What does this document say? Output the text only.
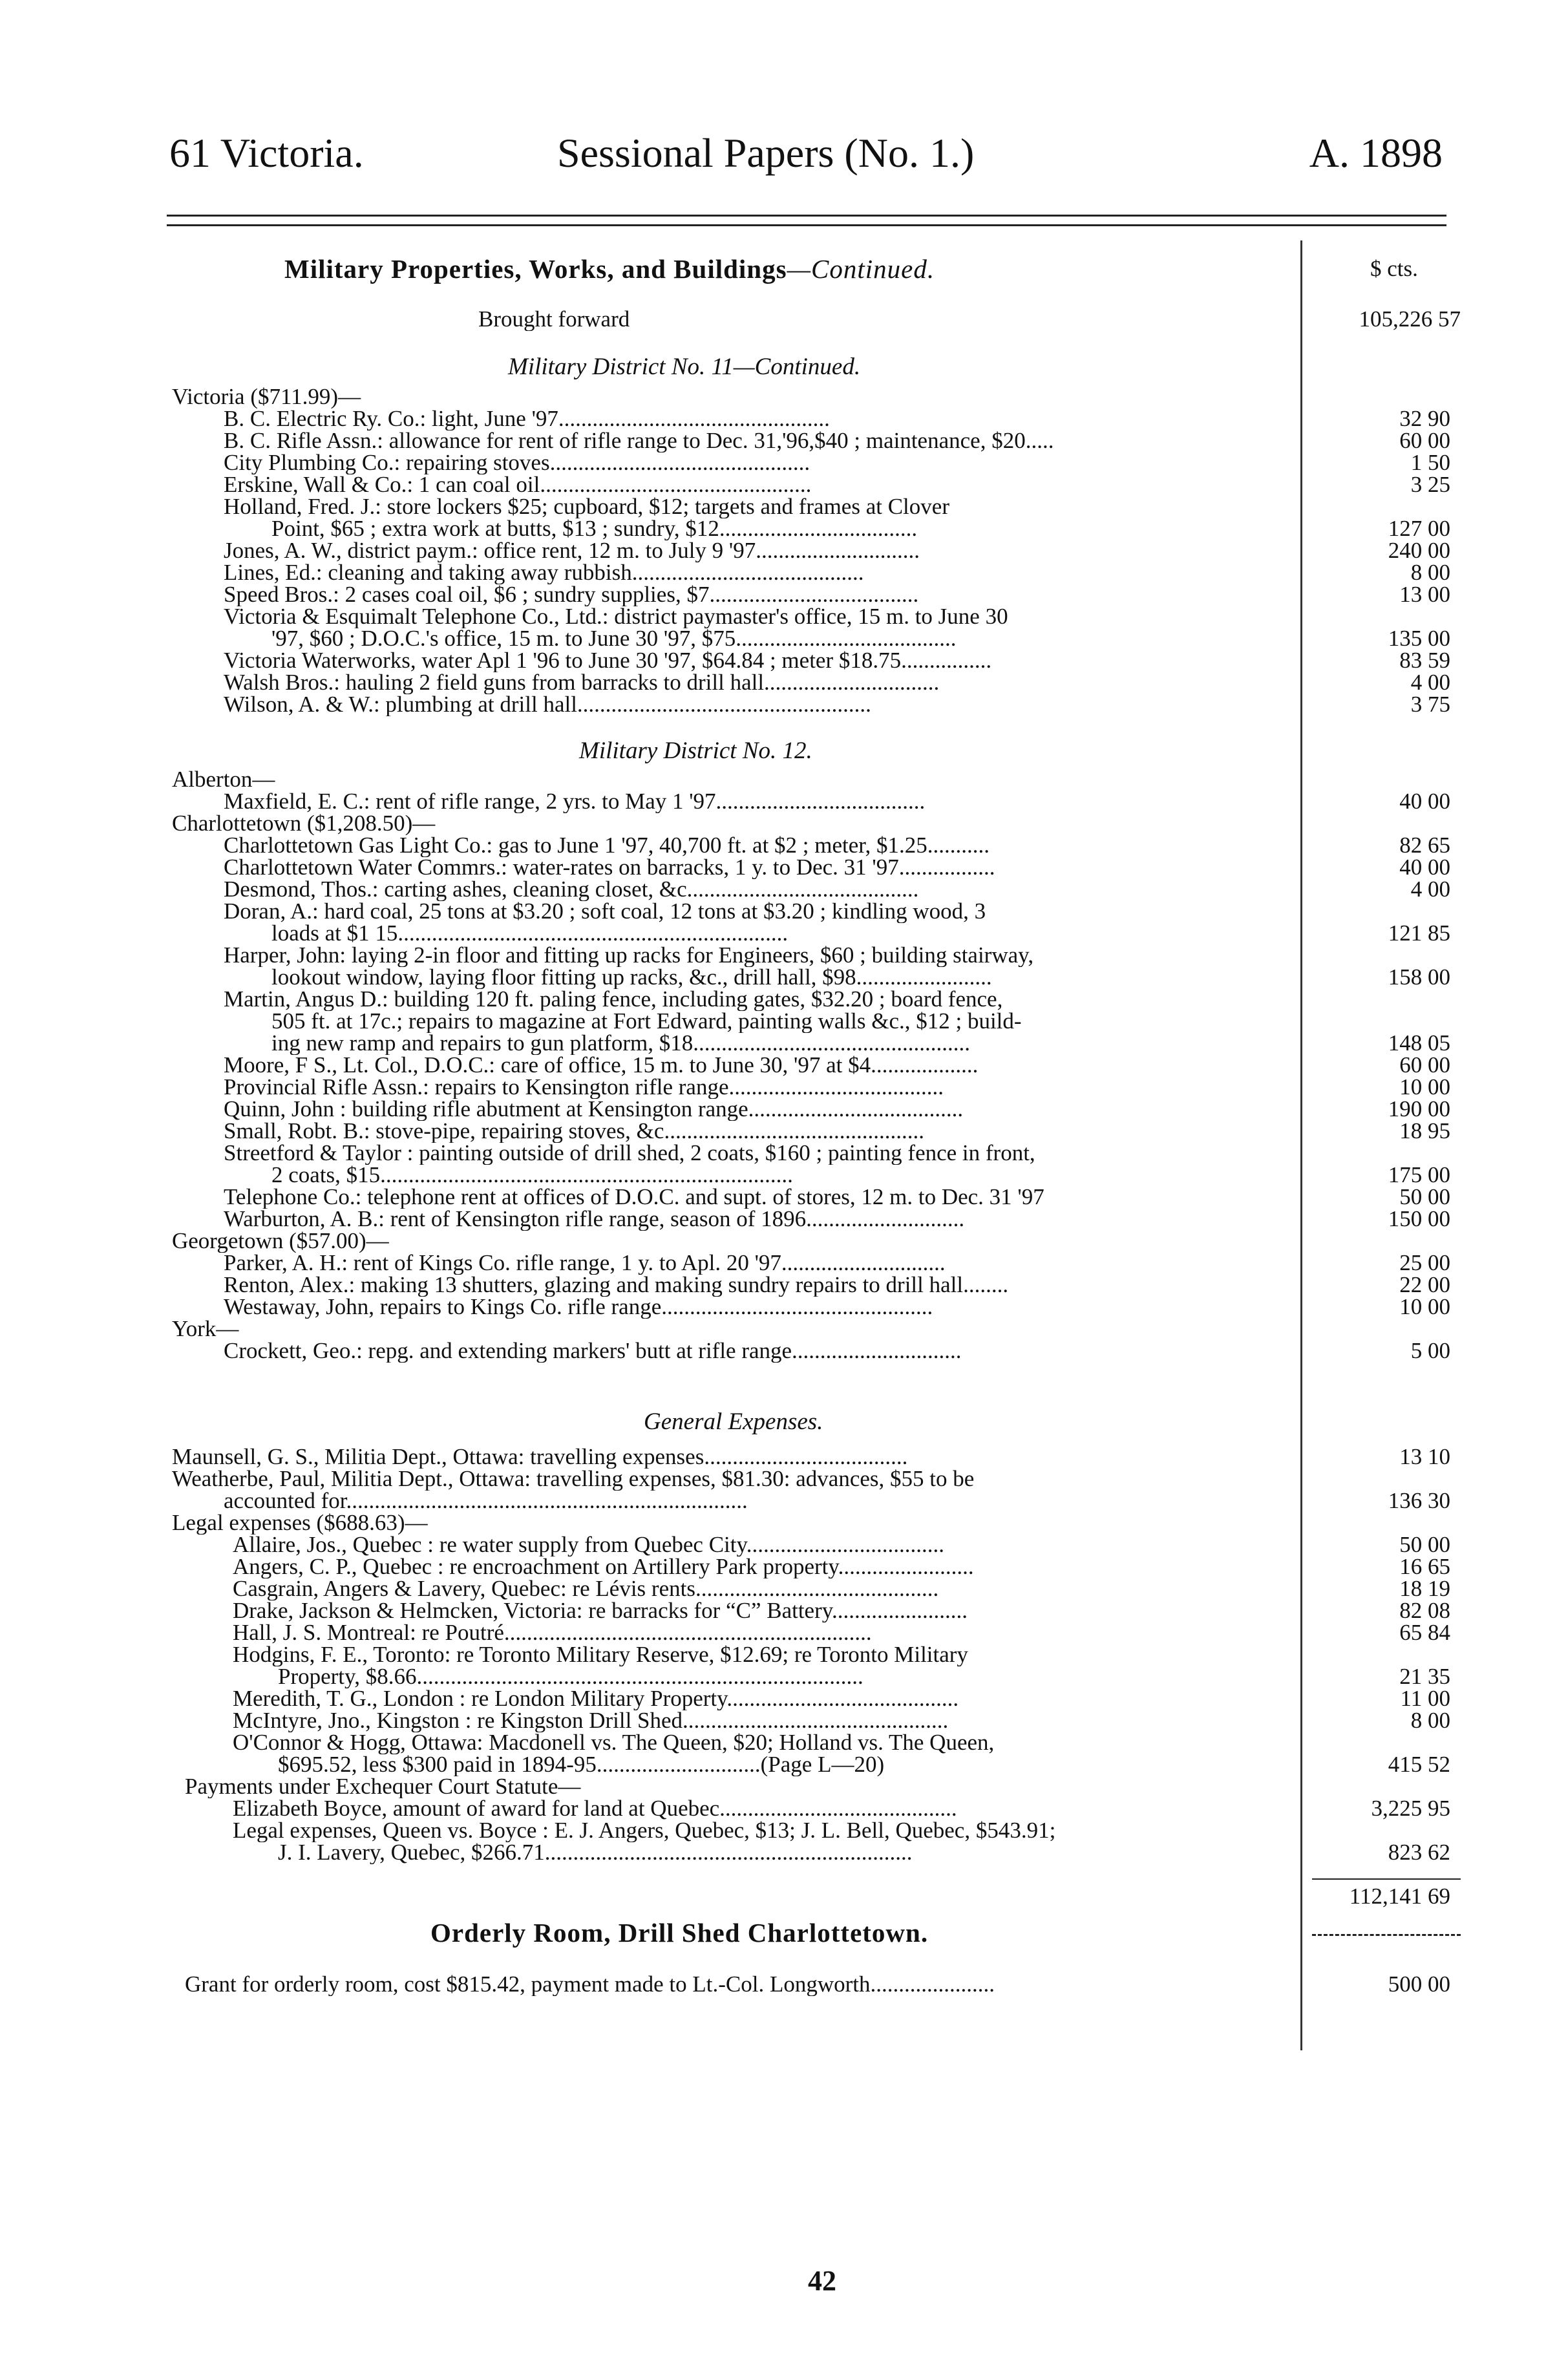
61 Victoria.	Sessional Papers (No. 1.)	A. 1898
Military Properties, Works, and Buildings—Continued.	$ cts.
Brought forward	105,226 57
Military District No. 11—Continued.
Victoria ($711.99)—
B. C. Electric Ry. Co.: light, June '97................................................	32 90
B. C. Rifle Assn.: allowance for rent of rifle range to Dec. 31,'96,$40 ; maintenance, $20.....	60 00
City Plumbing Co.: repairing stoves..............................................	1 50
Erskine, Wall & Co.: 1 can coal oil................................................	3 25
Holland, Fred. J.: store lockers $25; cupboard, $12; targets and frames at Clover
Point, $65 ; extra work at butts, $13 ; sundry, $12...................................	127 00
Jones, A. W., district paym.: office rent, 12 m. to July 9 '97.............................	240 00
Lines, Ed.: cleaning and taking away rubbish.........................................	8 00
Speed Bros.: 2 cases coal oil, $6 ; sundry supplies, $7.....................................	13 00
Victoria & Esquimalt Telephone Co., Ltd.: district paymaster's office, 15 m. to June 30
'97, $60 ; D.O.C.'s office, 15 m. to June 30 '97, $75.......................................	135 00
Victoria Waterworks, water Apl 1 '96 to June 30 '97, $64.84 ; meter $18.75................	83 59
Walsh Bros.: hauling 2 field guns from barracks to drill hall...............................	4 00
Wilson, A. & W.: plumbing at drill hall....................................................	3 75
Military District No. 12.
Alberton—
Maxfield, E. C.: rent of rifle range, 2 yrs. to May 1 '97.....................................	40 00
Charlottetown ($1,208.50)—
Charlottetown Gas Light Co.: gas to June 1 '97, 40,700 ft. at $2 ; meter, $1.25...........	82 65
Charlottetown Water Commrs.: water-rates on barracks, 1 y. to Dec. 31 '97.................	40 00
Desmond, Thos.: carting ashes, cleaning closet, &c.........................................	4 00
Doran, A.: hard coal, 25 tons at $3.20 ; soft coal, 12 tons at $3.20 ; kindling wood, 3
loads at $1 15.....................................................................	121 85
Harper, John: laying 2-in floor and fitting up racks for Engineers, $60 ; building stairway,
lookout window, laying floor fitting up racks, &c., drill hall, $98........................	158 00
Martin, Angus D.: building 120 ft. paling fence, including gates, $32.20 ; board fence,
505 ft. at 17c.; repairs to magazine at Fort Edward, painting walls &c., $12 ; build-
ing new ramp and repairs to gun platform, $18.................................................	148 05
Moore, F S., Lt. Col., D.O.C.: care of office, 15 m. to June 30, '97 at $4...................	60 00
Provincial Rifle Assn.: repairs to Kensington rifle range......................................	10 00
Quinn, John : building rifle abutment at Kensington range......................................	190 00
Small, Robt. B.: stove-pipe, repairing stoves, &c..............................................	18 95
Streetford & Taylor : painting outside of drill shed, 2 coats, $160 ; painting fence in front,
2 coats, $15.........................................................................	175 00
Telephone Co.: telephone rent at offices of D.O.C. and supt. of stores, 12 m. to Dec. 31 '97	50 00
Warburton, A. B.: rent of Kensington rifle range, season of 1896............................	150 00
Georgetown ($57.00)—
Parker, A. H.: rent of Kings Co. rifle range, 1 y. to Apl. 20 '97.............................	25 00
Renton, Alex.: making 13 shutters, glazing and making sundry repairs to drill hall........	22 00
Westaway, John, repairs to Kings Co. rifle range................................................	10 00
York—
Crockett, Geo.: repg. and extending markers' butt at rifle range..............................	5 00
General Expenses.
Maunsell, G. S., Militia Dept., Ottawa: travelling expenses....................................	13 10
Weatherbe, Paul, Militia Dept., Ottawa: travelling expenses, $81.30: advances, $55 to be
accounted for.......................................................................	136 30
Legal expenses ($688.63)—
Allaire, Jos., Quebec : re water supply from Quebec City...................................	50 00
Angers, C. P., Quebec : re encroachment on Artillery Park property........................	16 65
Casgrain, Angers & Lavery, Quebec: re Lévis rents...........................................	18 19
Drake, Jackson & Helmcken, Victoria: re barracks for “C” Battery........................	82 08
Hall, J. S. Montreal: re Poutré.................................................................	65 84
Hodgins, F. E., Toronto: re Toronto Military Reserve, $12.69; re Toronto Military
Property, $8.66...............................................................................	21 35
Meredith, T. G., London : re London Military Property.........................................	11 00
McIntyre, Jno., Kingston : re Kingston Drill Shed...............................................	8 00
O'Connor & Hogg, Ottawa: Macdonell vs. The Queen, $20; Holland vs. The Queen,
$695.52, less $300 paid in 1894-95.............................(Page L—20)	415 52
Payments under Exchequer Court Statute—
Elizabeth Boyce, amount of award for land at Quebec..........................................	3,225 95
Legal expenses, Queen vs. Boyce : E. J. Angers, Quebec, $13; J. L. Bell, Quebec, $543.91;
J. I. Lavery, Quebec, $266.71.................................................................	823 62
112,141 69
Orderly Room, Drill Shed Charlottetown.
Grant for orderly room, cost $815.42, payment made to Lt.-Col. Longworth......................	500 00
42
